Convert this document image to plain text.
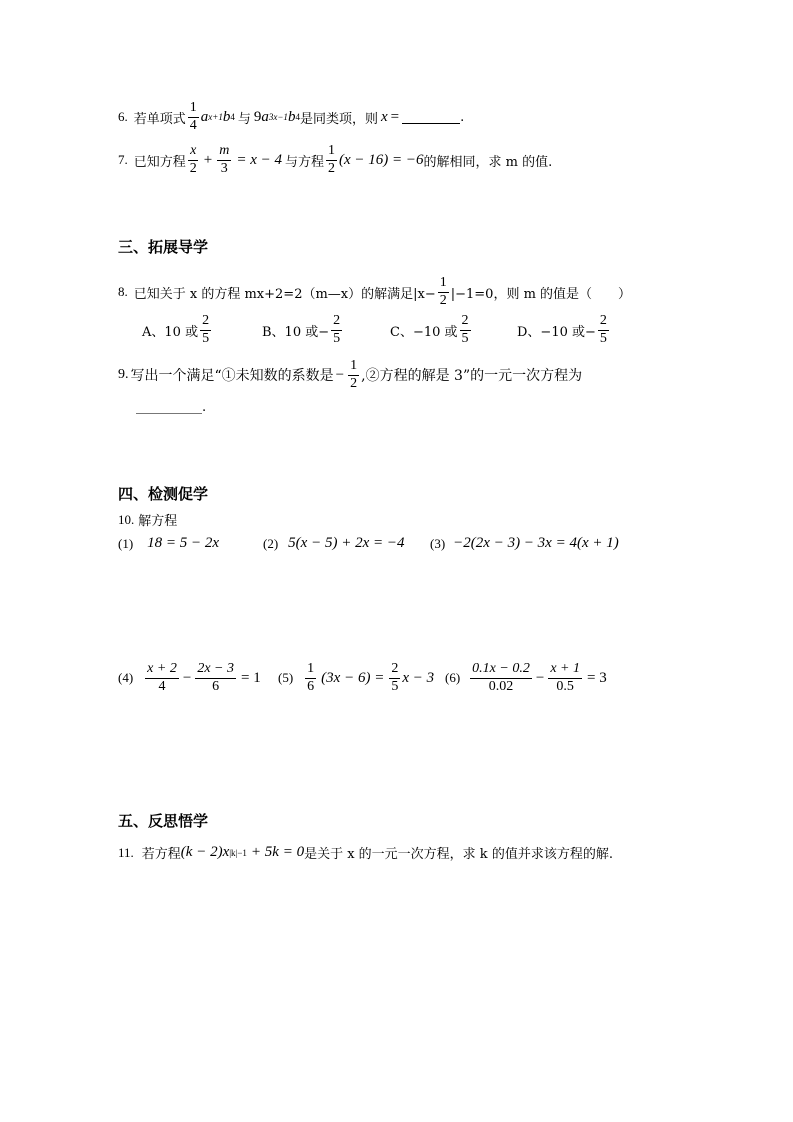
6. 若单项式 $\frac{1}{4}$ a x+1 b 4 与 9 a 3x−1 b 4 是同类项，则 x =	.
7. 已知方程 $\frac{x}{2} + \frac{m}{3} = x - 4$ 与方程 $\frac{1}{2} (x - 16) = -6$ 的解相同，求 m 的值.
三、拓展导学
8. 已知关于 x 的方程 mx+2=2（m—x）的解满足$|x- \frac{1}{2} |-1=0$，则 m 的值是（　　）
A、10 或 $\frac{2}{5}$	B、10 或− $\frac{2}{5}$	C、−10 或 $\frac{2}{5}$	D、−10 或− $\frac{2}{5}$
9. 写出一个满足“①未知数的系数是 − $\frac{1}{2}$ ,②方程的解是 3”的一元一次方程为
.
四、检测促学
10. 解方程
(1) 18 = 5 − 2x	(2) 5(x − 5) + 2x = −4 (3) −2(2x − 3) − 3x = 4(x + 1)
$(4) \frac{x + 2}{4} - \frac{2x - 3}{6} = 1$ $(5) \frac{1}{6} (3x - 6) = \frac{2}{5}$ x − 3 $(6) \frac{0.1x - 0.2}{0.02} - \frac{x + 1}{0.5} = 3$
五、反思悟学
11. 若方程 (k − 2)x |k|−1 + 5k = 0 是关于 x 的一元一次方程，求 k 的值并求该方程的解.
